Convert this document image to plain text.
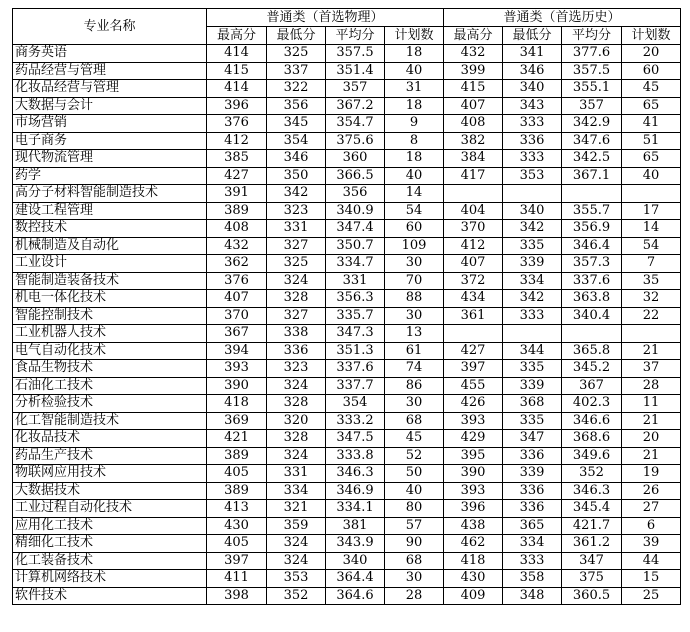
专业名称	普通类（首选物理）				普通类（首选历史）			
	最高分	最低分	平均分	计划数	最高分	最低分	平均分	计划数
商务英语	414	325	357.5	18	432	341	377.6	20
药品经营与管理	415	337	351.4	40	399	346	357.5	60
化妆品经营与管理	414	322	357	31	415	340	355.1	45
大数据与会计	396	356	367.2	18	407	343	357	65
市场营销	376	345	354.7	9	408	333	342.9	41
电子商务	412	354	375.6	8	382	336	347.6	51
现代物流管理	385	346	360	18	384	333	342.5	65
药学	427	350	366.5	40	417	353	367.1	40
高分子材料智能制造技术	391	342	356	14				
建设工程管理	389	323	340.9	54	404	340	355.7	17
数控技术	408	331	347.4	60	370	342	356.9	14
机械制造及自动化	432	327	350.7	109	412	335	346.4	54
工业设计	362	325	334.7	30	407	339	357.3	7
智能制造装备技术	376	324	331	70	372	334	337.6	35
机电一体化技术	407	328	356.3	88	434	342	363.8	32
智能控制技术	370	327	335.7	30	361	333	340.4	22
工业机器人技术	367	338	347.3	13				
电气自动化技术	394	336	351.3	61	427	344	365.8	21
食品生物技术	393	323	337.6	74	397	335	345.2	37
石油化工技术	390	324	337.7	86	455	339	367	28
分析检验技术	418	328	354	30	426	368	402.3	11
化工智能制造技术	369	320	333.2	68	393	335	346.6	21
化妆品技术	421	328	347.5	45	429	347	368.6	20
药品生产技术	389	324	333.8	52	395	336	349.6	21
物联网应用技术	405	331	346.3	50	390	339	352	19
大数据技术	389	334	346.9	40	393	336	346.3	26
工业过程自动化技术	413	321	334.1	80	396	336	345.4	27
应用化工技术	430	359	381	57	438	365	421.7	6
精细化工技术	405	324	343.9	90	462	334	361.2	39
化工装备技术	397	324	340	68	418	333	347	44
计算机网络技术	411	353	364.4	30	430	358	375	15
软件技术	398	352	364.6	28	409	348	360.5	25
